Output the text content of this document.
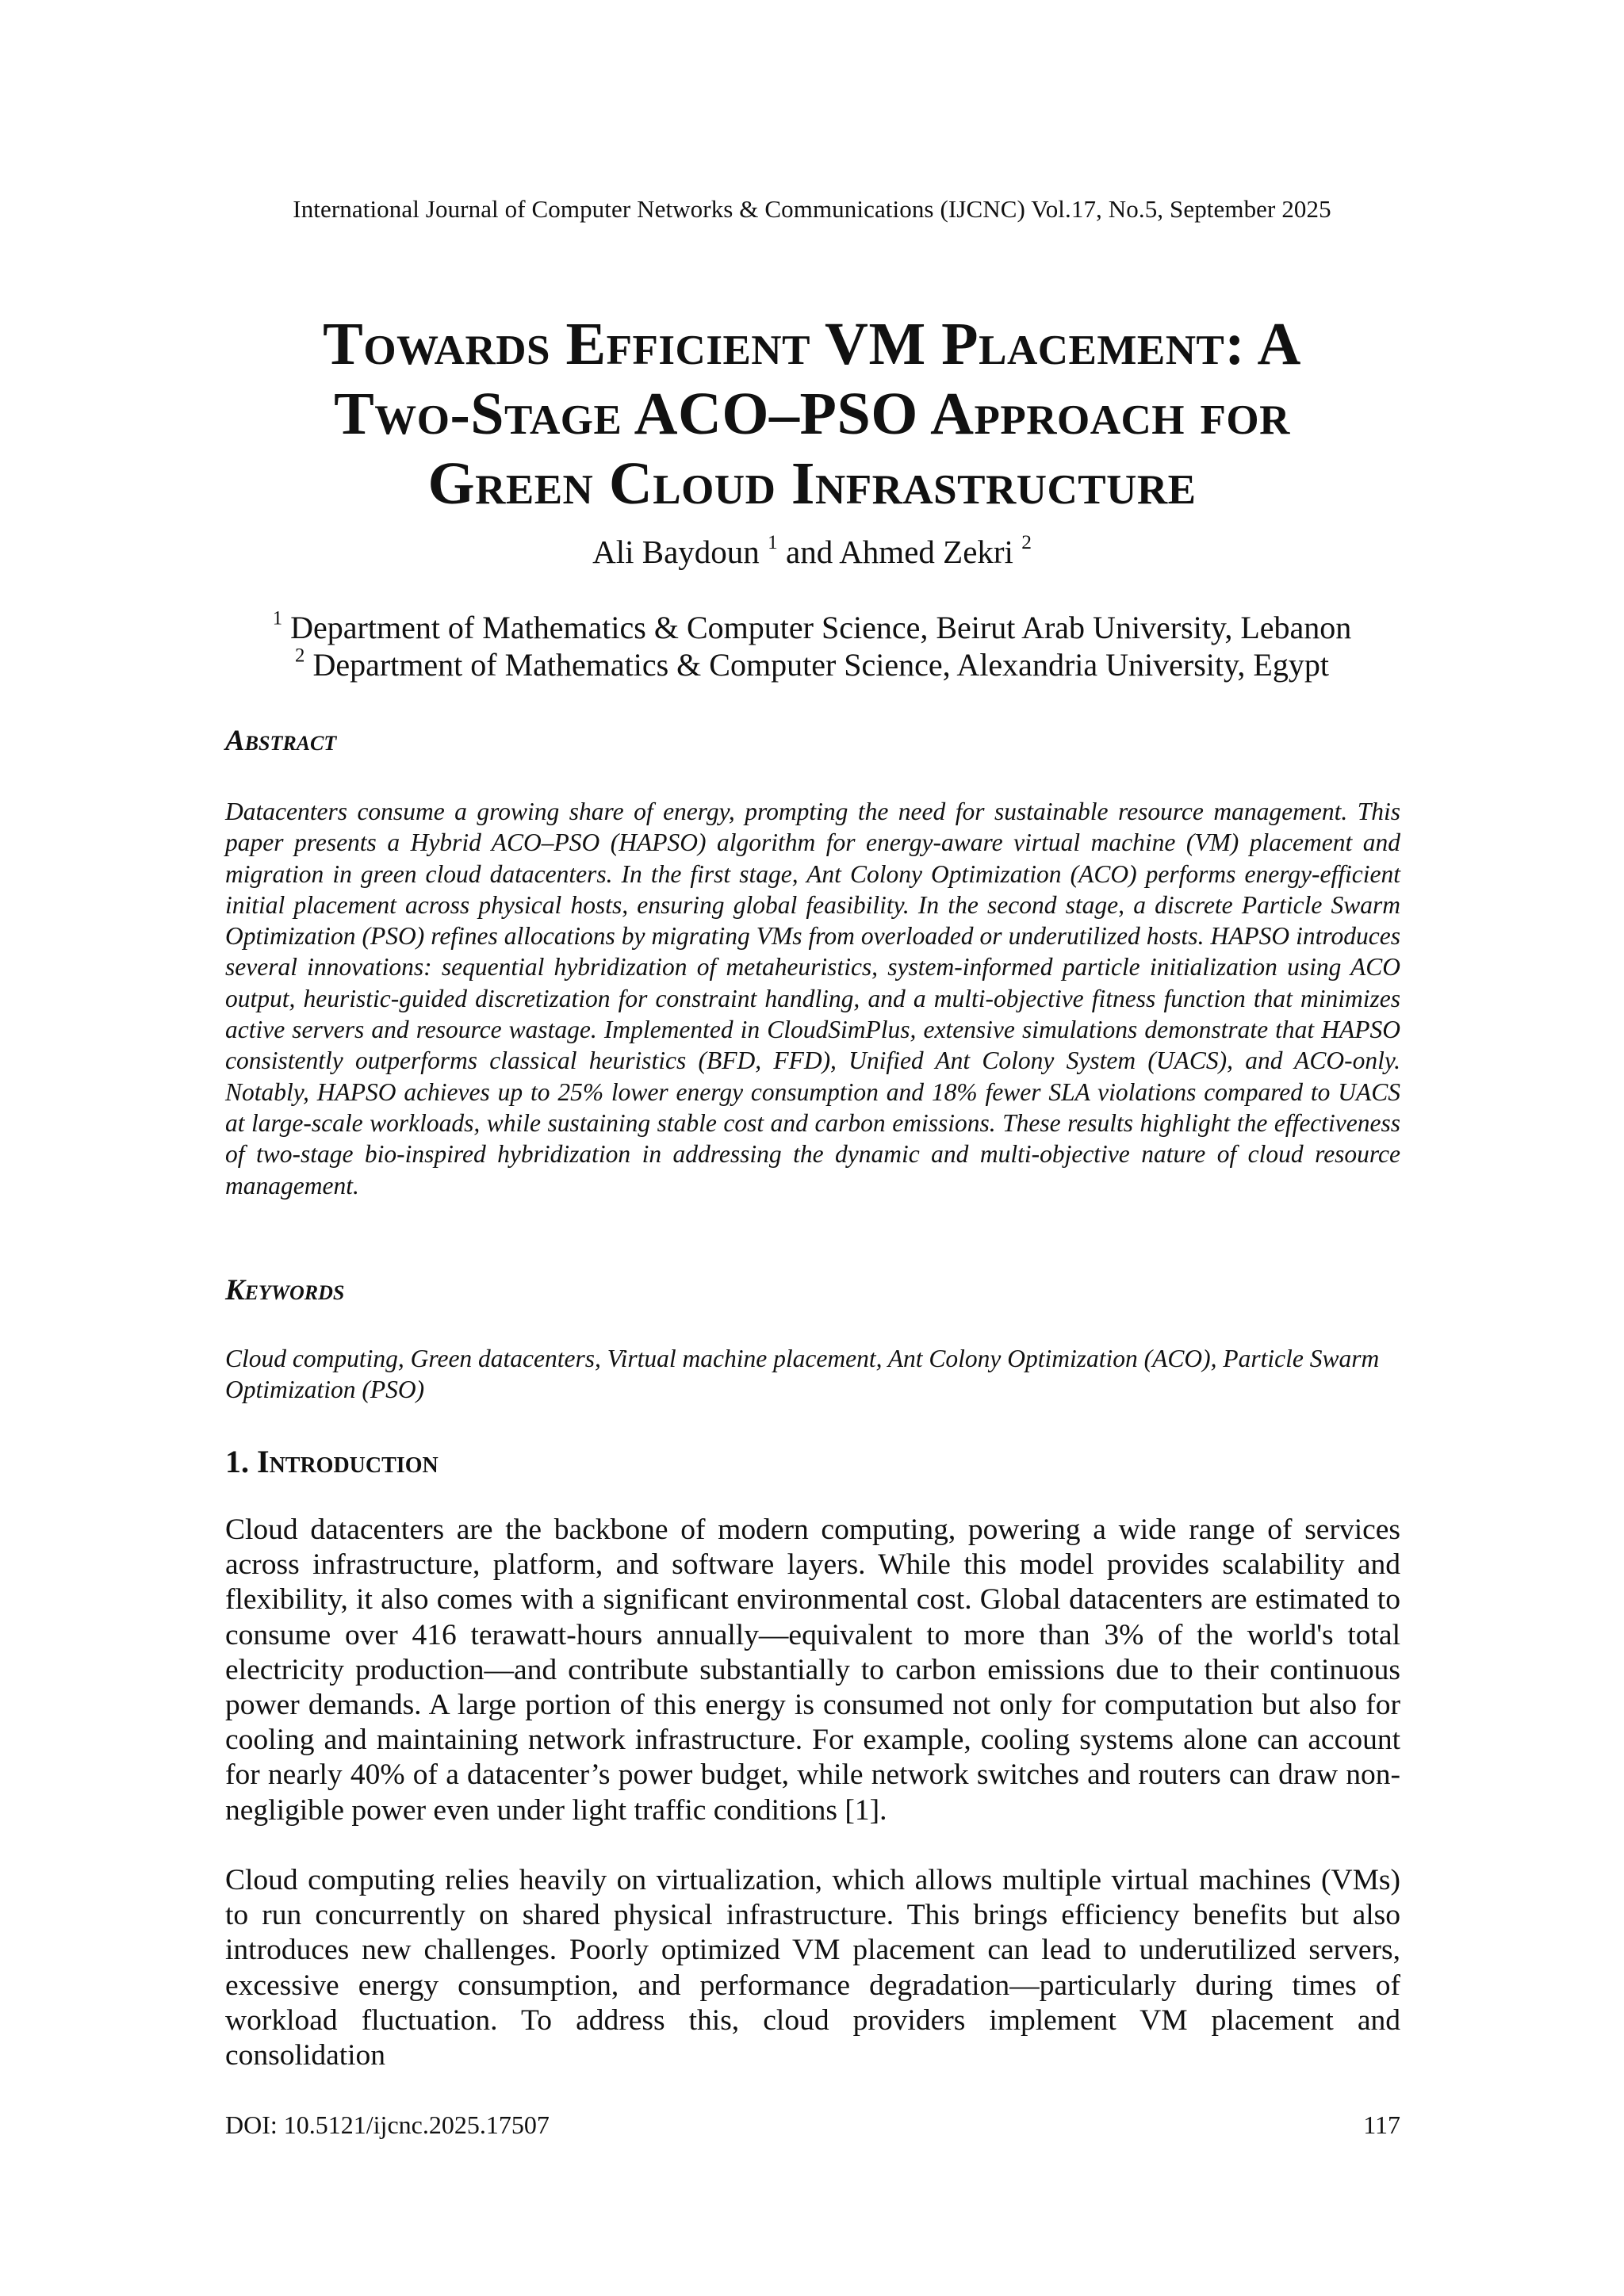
International Journal of Computer Networks & Communications (IJCNC) Vol.17, No.5, September 2025
Towards Efficient VM Placement: A
Two-Stage ACO–PSO Approach for
Green Cloud Infrastructure
Ali Baydoun $^1$ and Ahmed Zekri $^2$
$^1$ Department of Mathematics & Computer Science, Beirut Arab University, Lebanon
$^2$ Department of Mathematics & Computer Science, Alexandria University, Egypt
Abstract
Datacenters consume a growing share of energy, prompting the need for sustainable resource management. This paper presents a Hybrid ACO–PSO (HAPSO) algorithm for energy-aware virtual machine (VM) placement and migration in green cloud datacenters. In the first stage, Ant Colony Optimization (ACO) performs energy-efficient initial placement across physical hosts, ensuring global feasibility. In the second stage, a discrete Particle Swarm Optimization (PSO) refines allocations by migrating VMs from overloaded or underutilized hosts. HAPSO introduces several innovations: sequential hybridization of metaheuristics, system-informed particle initialization using ACO output, heuristic-guided discretization for constraint handling, and a multi-objective fitness function that minimizes active servers and resource wastage. Implemented in CloudSimPlus, extensive simulations demonstrate that HAPSO consistently outperforms classical heuristics (BFD, FFD), Unified Ant Colony System (UACS), and ACO-only. Notably, HAPSO achieves up to 25% lower energy consumption and 18% fewer SLA violations compared to UACS at large-scale workloads, while sustaining stable cost and carbon emissions. These results highlight the effectiveness of two-stage bio-inspired hybridization in addressing the dynamic and multi-objective nature of cloud resource management.
Keywords
Cloud computing, Green datacenters, Virtual machine placement, Ant Colony Optimization (ACO), Particle Swarm Optimization (PSO)
1. Introduction
Cloud datacenters are the backbone of modern computing, powering a wide range of services across infrastructure, platform, and software layers. While this model provides scalability and flexibility, it also comes with a significant environmental cost. Global datacenters are estimated to consume over 416 terawatt-hours annually—equivalent to more than 3% of the world's total electricity production—and contribute substantially to carbon emissions due to their continuous power demands. A large portion of this energy is consumed not only for computation but also for cooling and maintaining network infrastructure. For example, cooling systems alone can account for nearly 40% of a datacenter’s power budget, while network switches and routers can draw non-negligible power even under light traffic conditions [1].
Cloud computing relies heavily on virtualization, which allows multiple virtual machines (VMs) to run concurrently on shared physical infrastructure. This brings efficiency benefits but also introduces new challenges. Poorly optimized VM placement can lead to underutilized servers, excessive energy consumption, and performance degradation—particularly during times of workload fluctuation. To address this, cloud providers implement VM placement and consolidation
DOI: 10.5121/ijcnc.2025.17507	117
